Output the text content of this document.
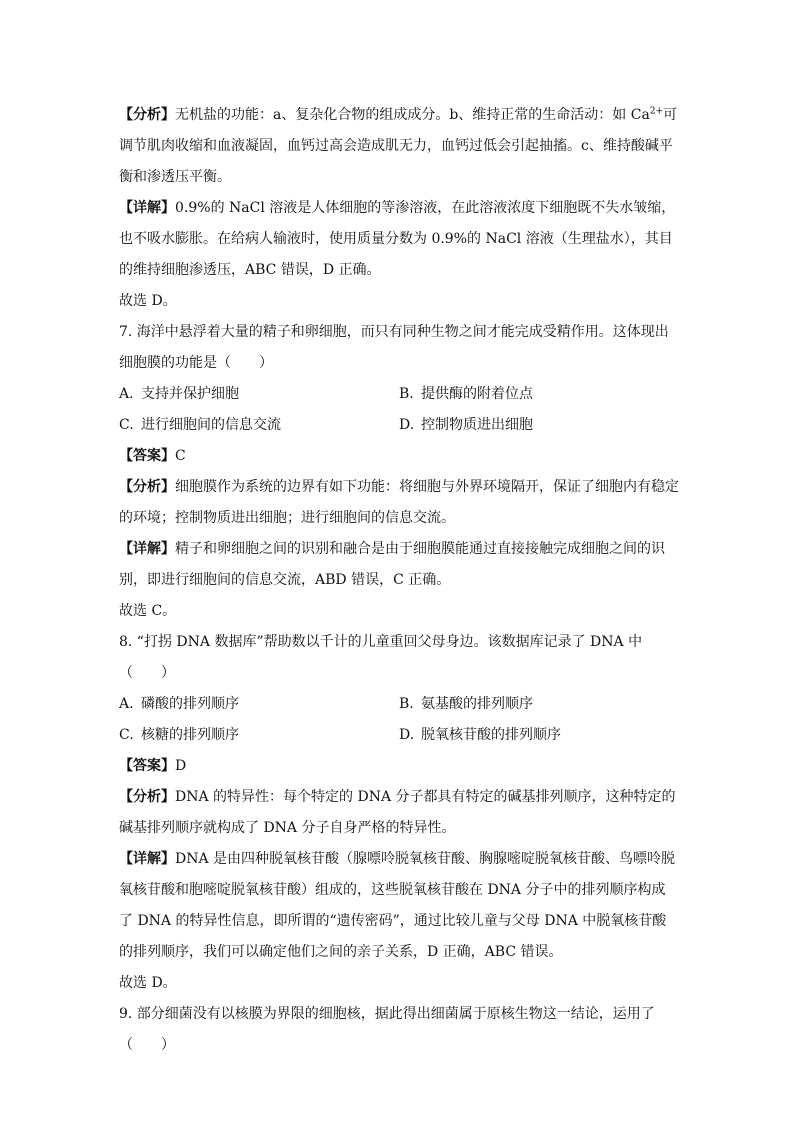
【分析】无机盐的功能：a、复杂化合物的组成成分。b、维持正常的生命活动：如 $Ca^{2+}$可调节肌肉收缩和血液凝固，血钙过高会造成肌无力，血钙过低会引起抽搐。c、维持酸碱平衡和渗透压平衡。

【详解】0.9%的 NaCl 溶液是人体细胞的等渗溶液，在此溶液浓度下细胞既不失水皱缩，也不吸水膨胀。在给病人输液时，使用质量分数为 0.9%的 NaCl 溶液（生理盐水），其目的维持细胞渗透压，ABC 错误，D 正确。

故选 D。

7. 海洋中悬浮着大量的精子和卵细胞，而只有同种生物之间才能完成受精作用。这体现出细胞膜的功能是（　　）

A. 支持并保护细胞	B. 提供酶的附着位点
C. 进行细胞间的信息交流	D. 控制物质进出细胞

【答案】C

【分析】细胞膜作为系统的边界有如下功能：将细胞与外界环境隔开，保证了细胞内有稳定的环境；控制物质进出细胞；进行细胞间的信息交流。

【详解】精子和卵细胞之间的识别和融合是由于细胞膜能通过直接接触完成细胞之间的识别，即进行细胞间的信息交流，ABD 错误，C 正确。

故选 C。

8. “打拐 DNA 数据库”帮助数以千计的儿童重回父母身边。该数据库记录了 DNA 中（　　）

A. 磷酸的排列顺序	B. 氨基酸的排列顺序
C. 核糖的排列顺序	D. 脱氧核苷酸的排列顺序

【答案】D

【分析】DNA 的特异性：每个特定的 DNA 分子都具有特定的碱基排列顺序，这种特定的碱基排列顺序就构成了 DNA 分子自身严格的特异性。

【详解】DNA 是由四种脱氧核苷酸（腺嘌呤脱氧核苷酸、胸腺嘧啶脱氧核苷酸、鸟嘌呤脱氧核苷酸和胞嘧啶脱氧核苷酸）组成的，这些脱氧核苷酸在 DNA 分子中的排列顺序构成了 DNA 的特异性信息，即所谓的“遗传密码”，通过比较儿童与父母 DNA 中脱氧核苷酸的排列顺序，我们可以确定他们之间的亲子关系，D 正确，ABC 错误。

故选 D。

9. 部分细菌没有以核膜为界限的细胞核，据此得出细菌属于原核生物这一结论，运用了（　　）
